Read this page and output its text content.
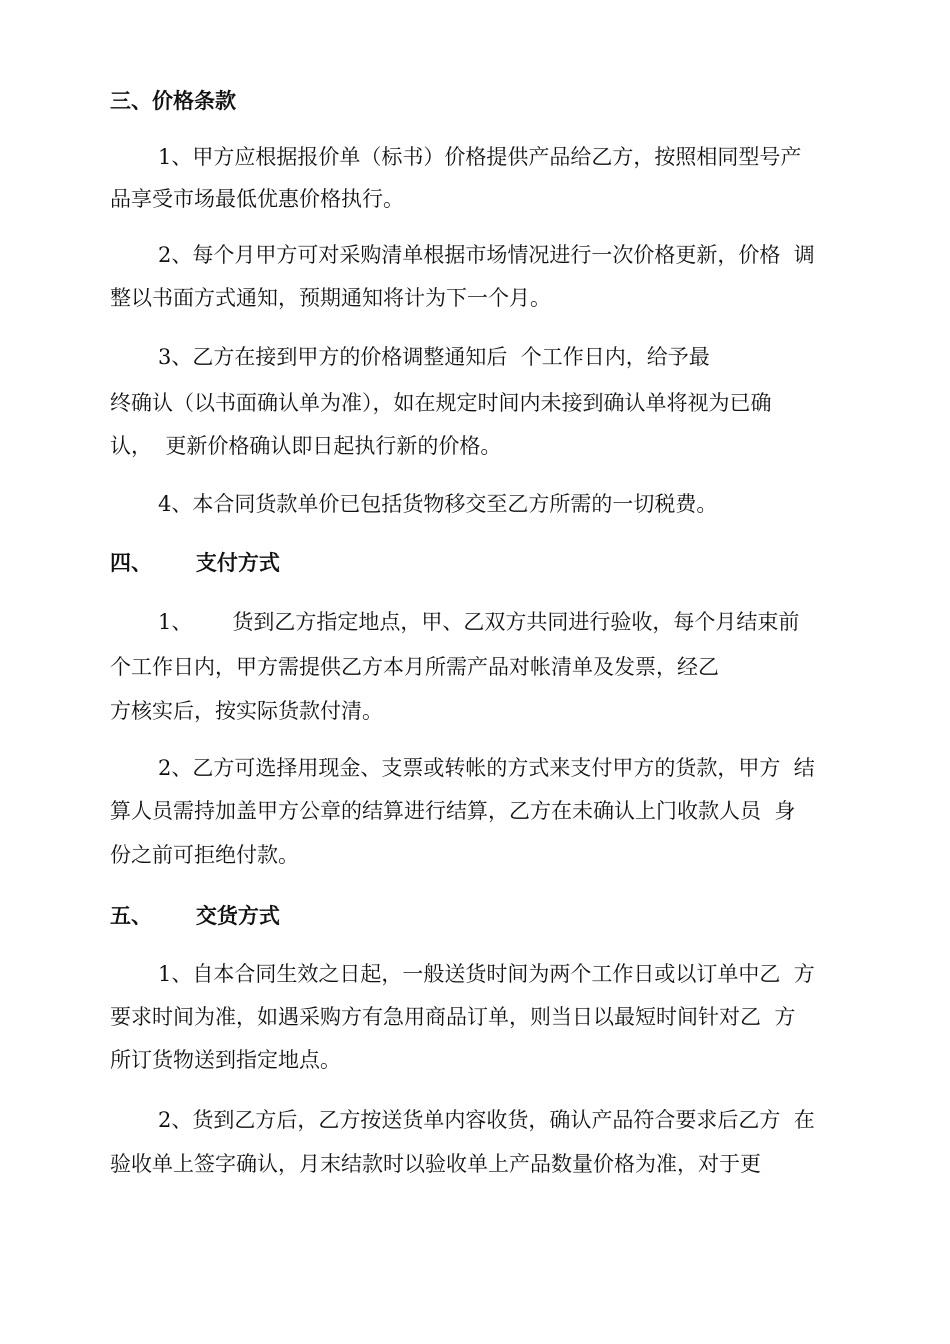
三、价格条款

1、甲方应根据报价单（标书）价格提供产品给乙方，按照相同型号产

品享受市场最低优惠价格执行。

2、每个月甲方可对采购清单根据市场情况进行一次价格更新，价格  调

整以书面方式通知，预期通知将计为下一个月。

3、乙方在接到甲方的价格调整通知后  个工作日内，给予最

终确认（以书面确认单为准），如在规定时间内未接到确认单将视为已确

认，  更新价格确认即日起执行新的价格。

4、本合同货款单价已包括货物移交至乙方所需的一切税费。

四、      支付方式

1、      货到乙方指定地点，甲、乙双方共同进行验收，每个月结束前

个工作日内，甲方需提供乙方本月所需产品对帐清单及发票，经乙

方核实后，按实际货款付清。

2、乙方可选择用现金、支票或转帐的方式来支付甲方的货款，甲方  结

算人员需持加盖甲方公章的结算进行结算，乙方在未确认上门收款人员  身

份之前可拒绝付款。

五、      交货方式

1、自本合同生效之日起，一般送货时间为两个工作日或以订单中乙  方

要求时间为准，如遇采购方有急用商品订单，则当日以最短时间针对乙  方

所订货物送到指定地点。

2、货到乙方后，乙方按送货单内容收货，确认产品符合要求后乙方  在

验收单上签字确认，月末结款时以验收单上产品数量价格为准，对于更
